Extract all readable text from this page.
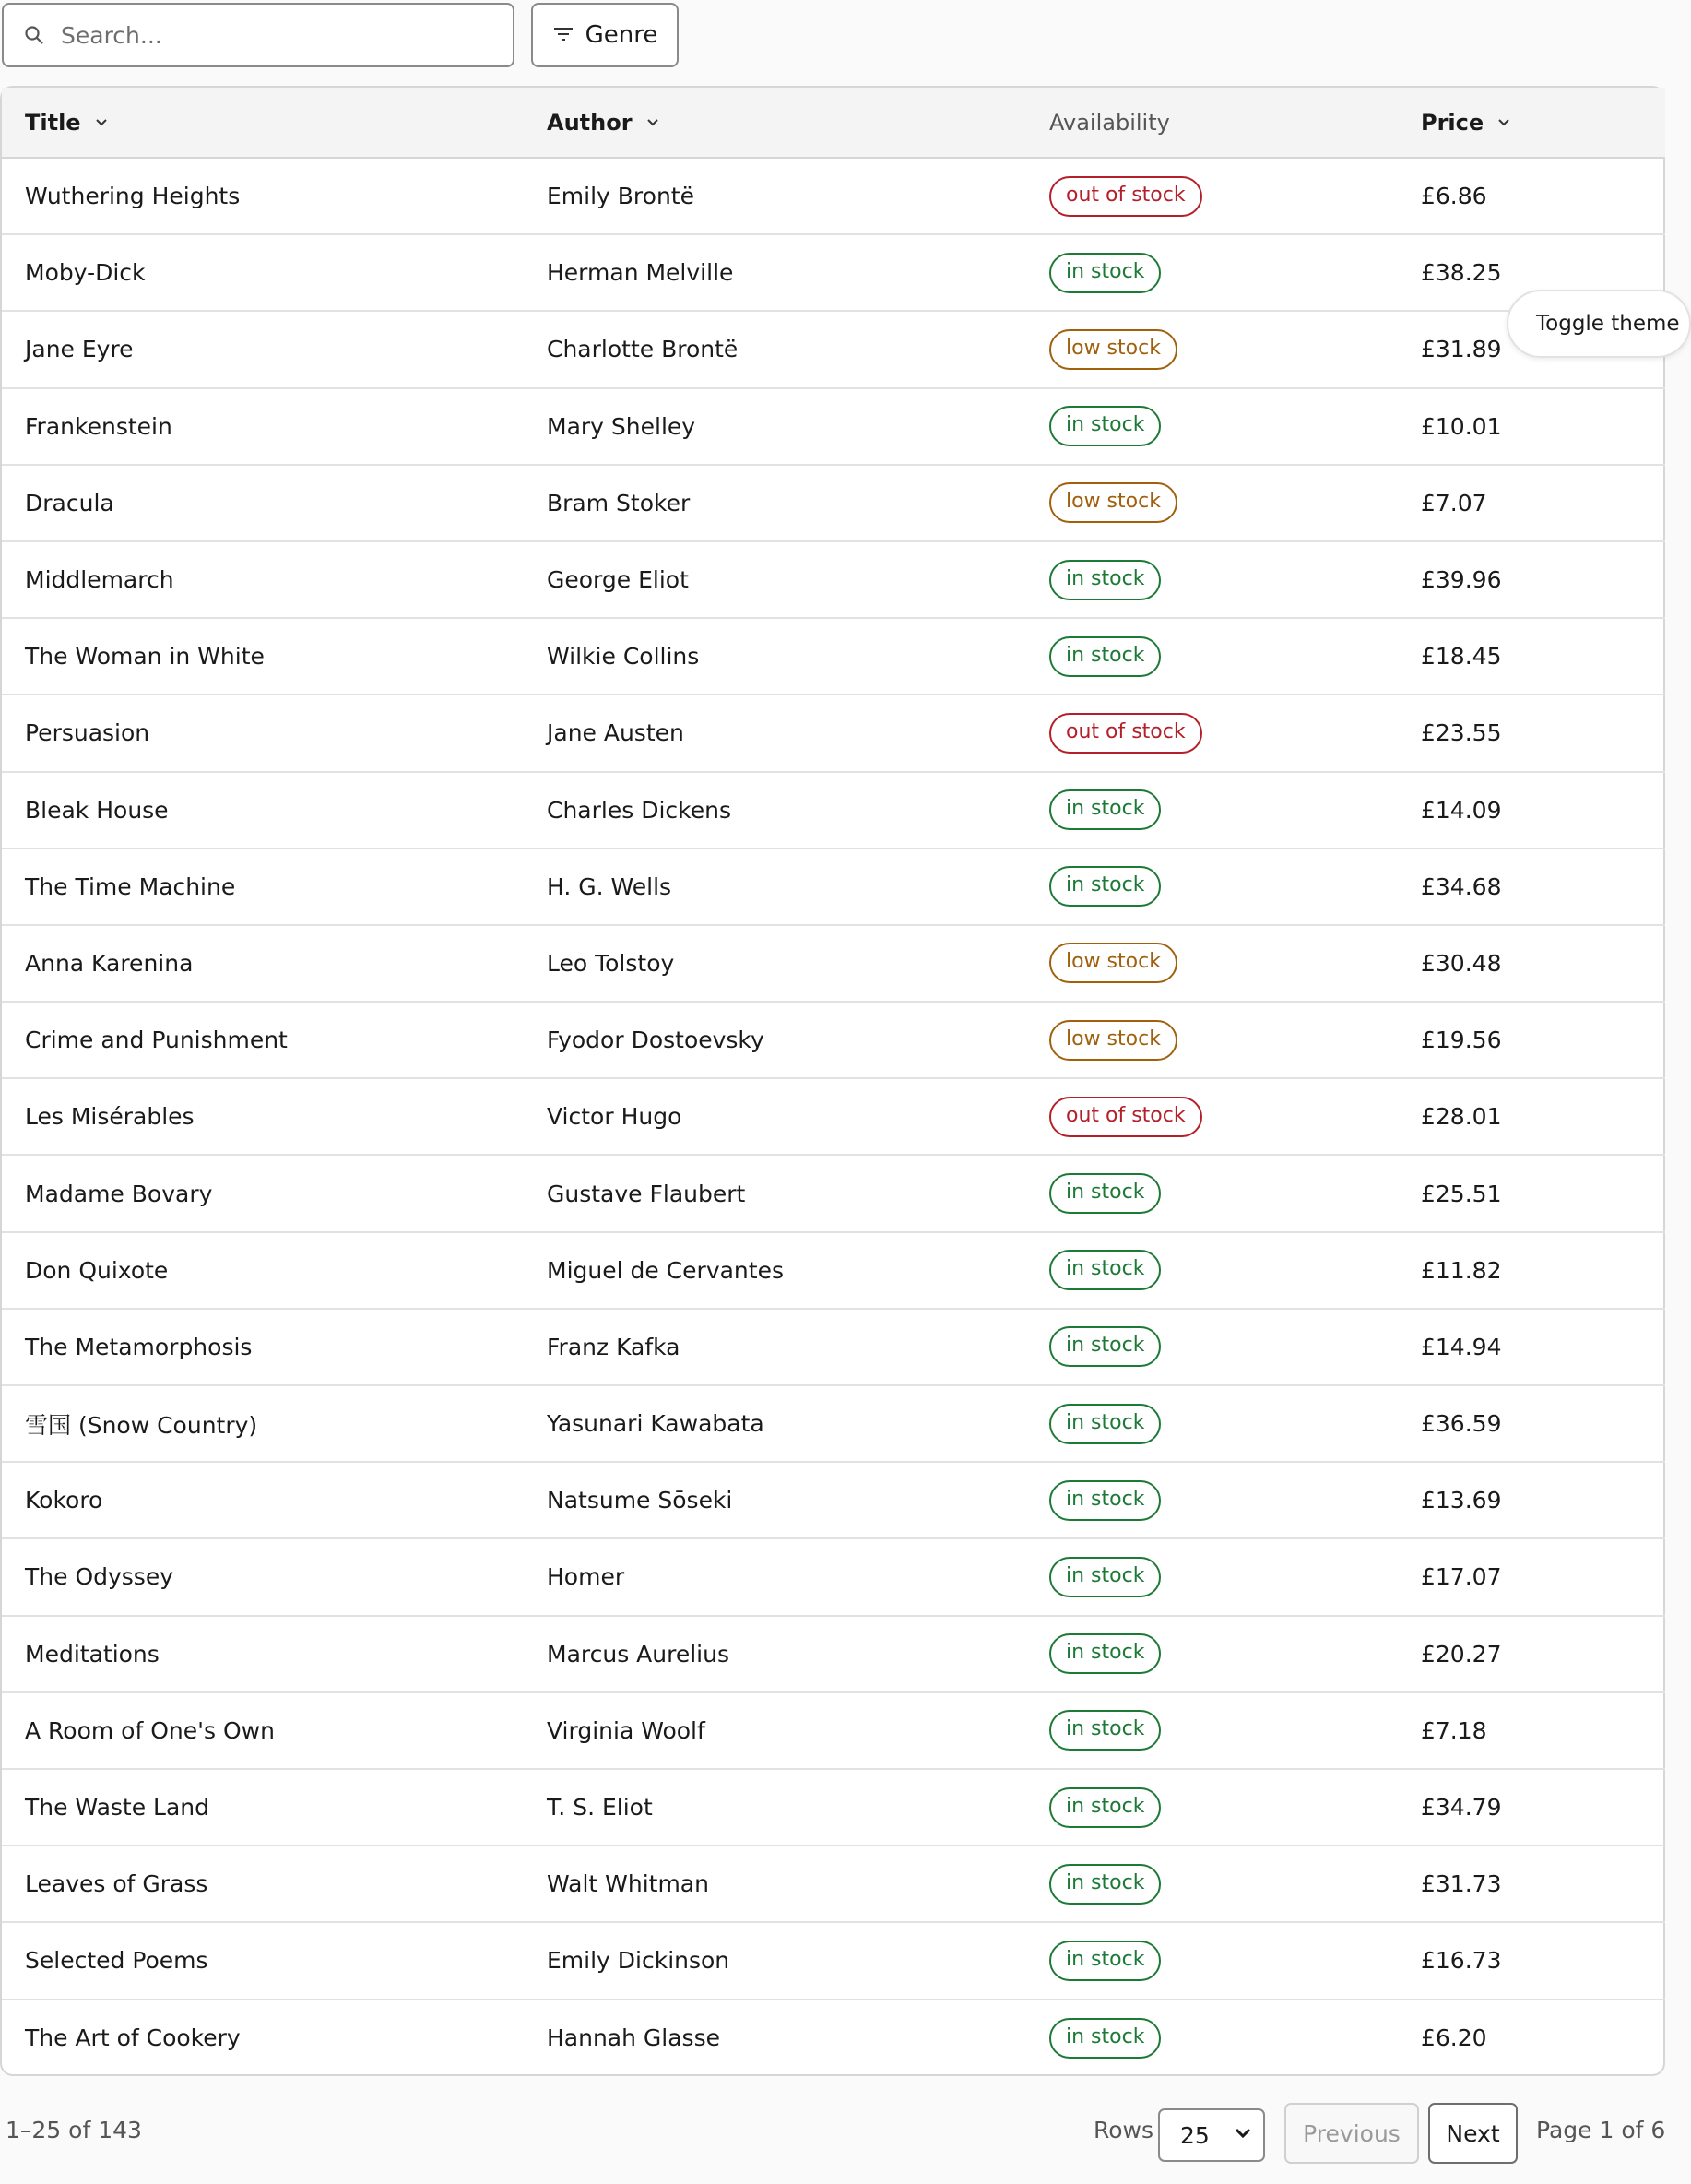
Search...
Genre
Title	Author	Availability	Price

Wuthering Heights	Emily Brontë	out of stock	£6.86
Moby-Dick	Herman Melville	in stock	£38.25
Jane Eyre	Charlotte Brontë	low stock	£31.89
Frankenstein	Mary Shelley	in stock	£10.01
Dracula	Bram Stoker	low stock	£7.07
Middlemarch	George Eliot	in stock	£39.96
The Woman in White	Wilkie Collins	in stock	£18.45
Persuasion	Jane Austen	out of stock	£23.55
Bleak House	Charles Dickens	in stock	£14.09
The Time Machine	H. G. Wells	in stock	£34.68
Anna Karenina	Leo Tolstoy	low stock	£30.48
Crime and Punishment	Fyodor Dostoevsky	low stock	£19.56
Les Misérables	Victor Hugo	out of stock	£28.01
Madame Bovary	Gustave Flaubert	in stock	£25.51
Don Quixote	Miguel de Cervantes	in stock	£11.82
The Metamorphosis	Franz Kafka	in stock	£14.94
雪国 (Snow Country)	Yasunari Kawabata	in stock	£36.59
Kokoro	Natsume Sōseki	in stock	£13.69
The Odyssey	Homer	in stock	£17.07
Meditations	Marcus Aurelius	in stock	£20.27
A Room of One's Own	Virginia Woolf	in stock	£7.18
The Waste Land	T. S. Eliot	in stock	£34.79
Leaves of Grass	Walt Whitman	in stock	£31.73
Selected Poems	Emily Dickinson	in stock	£16.73
The Art of Cookery	Hannah Glasse	in stock	£6.20
Toggle theme
1–25 of 143	Rows 25	Previous Next Page 1 of 6
